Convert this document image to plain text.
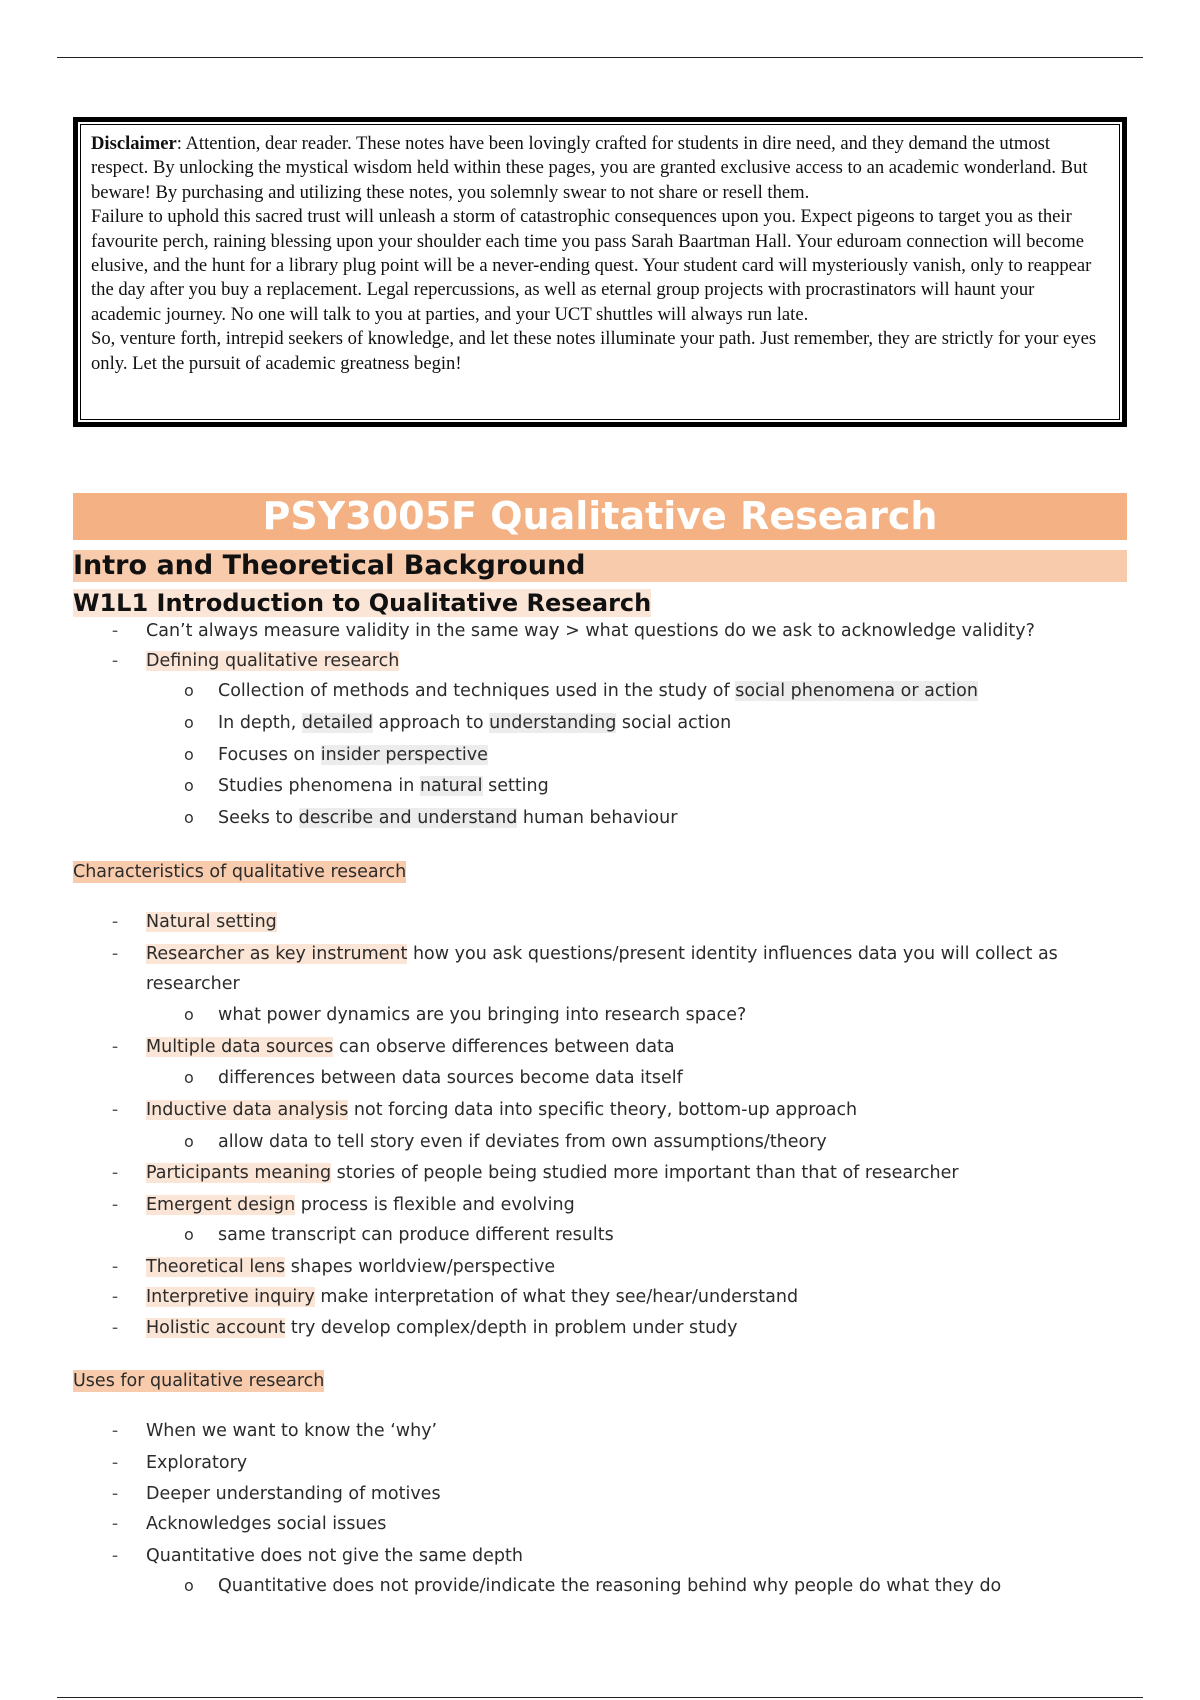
Disclaimer: Attention, dear reader. These notes have been lovingly crafted for students in dire need, and they demand the utmost respect. By unlocking the mystical wisdom held within these pages, you are granted exclusive access to an academic wonderland. But beware! By purchasing and utilizing these notes, you solemnly swear to not share or resell them.

Failure to uphold this sacred trust will unleash a storm of catastrophic consequences upon you. Expect pigeons to target you as their favourite perch, raining blessing upon your shoulder each time you pass Sarah Baartman Hall. Your eduroam connection will become elusive, and the hunt for a library plug point will be a never-ending quest. Your student card will mysteriously vanish, only to reappear the day after you buy a replacement. Legal repercussions, as well as eternal group projects with procrastinators will haunt your academic journey. No one will talk to you at parties, and your UCT shuttles will always run late.

So, venture forth, intrepid seekers of knowledge, and let these notes illuminate your path. Just remember, they are strictly for your eyes only. Let the pursuit of academic greatness begin!

PSY3005F Qualitative Research
Intro and Theoretical Background
W1L1 Introduction to Qualitative Research
- Can’t always measure validity in the same way > what questions do we ask to acknowledge validity?
- Defining qualitative research
o Collection of methods and techniques used in the study of social phenomena or action
o In depth, detailed approach to understanding social action
o Focuses on insider perspective
o Studies phenomena in natural setting
o Seeks to describe and understand human behaviour
Characteristics of qualitative research
- Natural setting
- Researcher as key instrument how you ask questions/present identity influences data you will collect as
researcher
o what power dynamics are you bringing into research space?
- Multiple data sources can observe differences between data
o differences between data sources become data itself
- Inductive data analysis not forcing data into specific theory, bottom-up approach
o allow data to tell story even if deviates from own assumptions/theory
- Participants meaning stories of people being studied more important than that of researcher
- Emergent design process is flexible and evolving
o same transcript can produce different results
- Theoretical lens shapes worldview/perspective
- Interpretive inquiry make interpretation of what they see/hear/understand
- Holistic account try develop complex/depth in problem under study
Uses for qualitative research
- When we want to know the ‘why’
- Exploratory
- Deeper understanding of motives
- Acknowledges social issues
- Quantitative does not give the same depth
o Quantitative does not provide/indicate the reasoning behind why people do what they do
